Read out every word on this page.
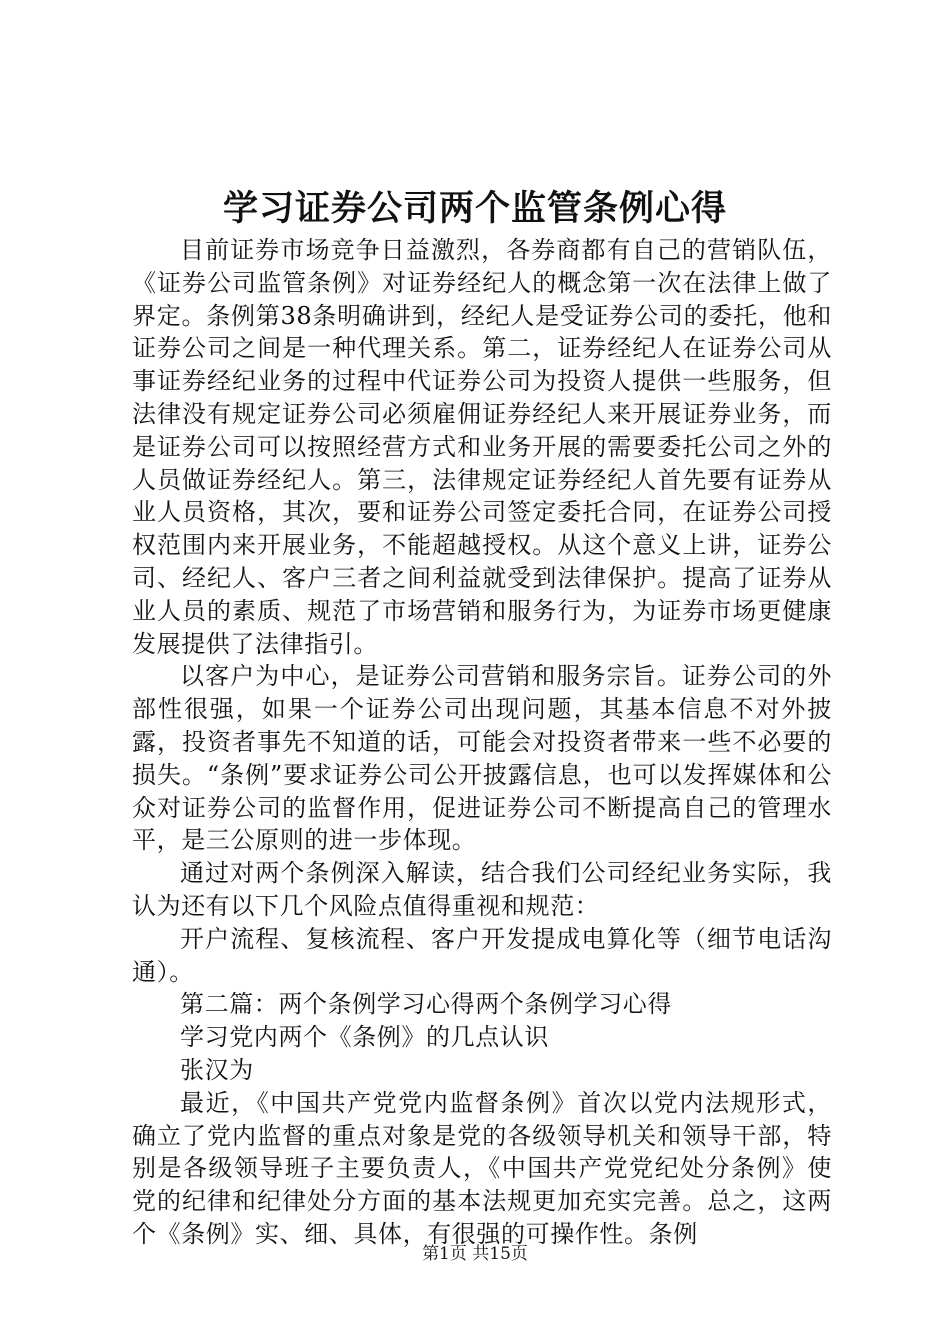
学习证券公司两个监管条例心得

目前证券市场竞争日益激烈，各券商都有自己的营销队伍，《证券公司监管条例》对证券经纪人的概念第一次在法律上做了界定。条例第38条明确讲到，经纪人是受证券公司的委托，他和证券公司之间是一种代理关系。第二，证券经纪人在证券公司从事证券经纪业务的过程中代证券公司为投资人提供一些服务，但法律没有规定证券公司必须雇佣证券经纪人来开展证券业务，而是证券公司可以按照经营方式和业务开展的需要委托公司之外的人员做证券经纪人。第三，法律规定证券经纪人首先要有证券从业人员资格，其次，要和证券公司签定委托合同，在证券公司授权范围内来开展业务，不能超越授权。从这个意义上讲，证券公司、经纪人、客户三者之间利益就受到法律保护。提高了证券从业人员的素质、规范了市场营销和服务行为，为证券市场更健康发展提供了法律指引。

以客户为中心，是证券公司营销和服务宗旨。证券公司的外部性很强，如果一个证券公司出现问题，其基本信息不对外披露，投资者事先不知道的话，可能会对投资者带来一些不必要的损失。“条例”要求证券公司公开披露信息，也可以发挥媒体和公众对证券公司的监督作用，促进证券公司不断提高自己的管理水平，是三公原则的进一步体现。

通过对两个条例深入解读，结合我们公司经纪业务实际，我认为还有以下几个风险点值得重视和规范：

开户流程、复核流程、客户开发提成电算化等（细节电话沟通）。

第二篇：两个条例学习心得两个条例学习心得

学习党内两个《条例》的几点认识

张汉为

最近，《中国共产党党内监督条例》首次以党内法规形式，确立了党内监督的重点对象是党的各级领导机关和领导干部，特别是各级领导班子主要负责人，《中国共产党党纪处分条例》使党的纪律和纪律处分方面的基本法规更加充实完善。总之，这两个《条例》实、细、具体，有很强的可操作性。条例

第1页 共15页
